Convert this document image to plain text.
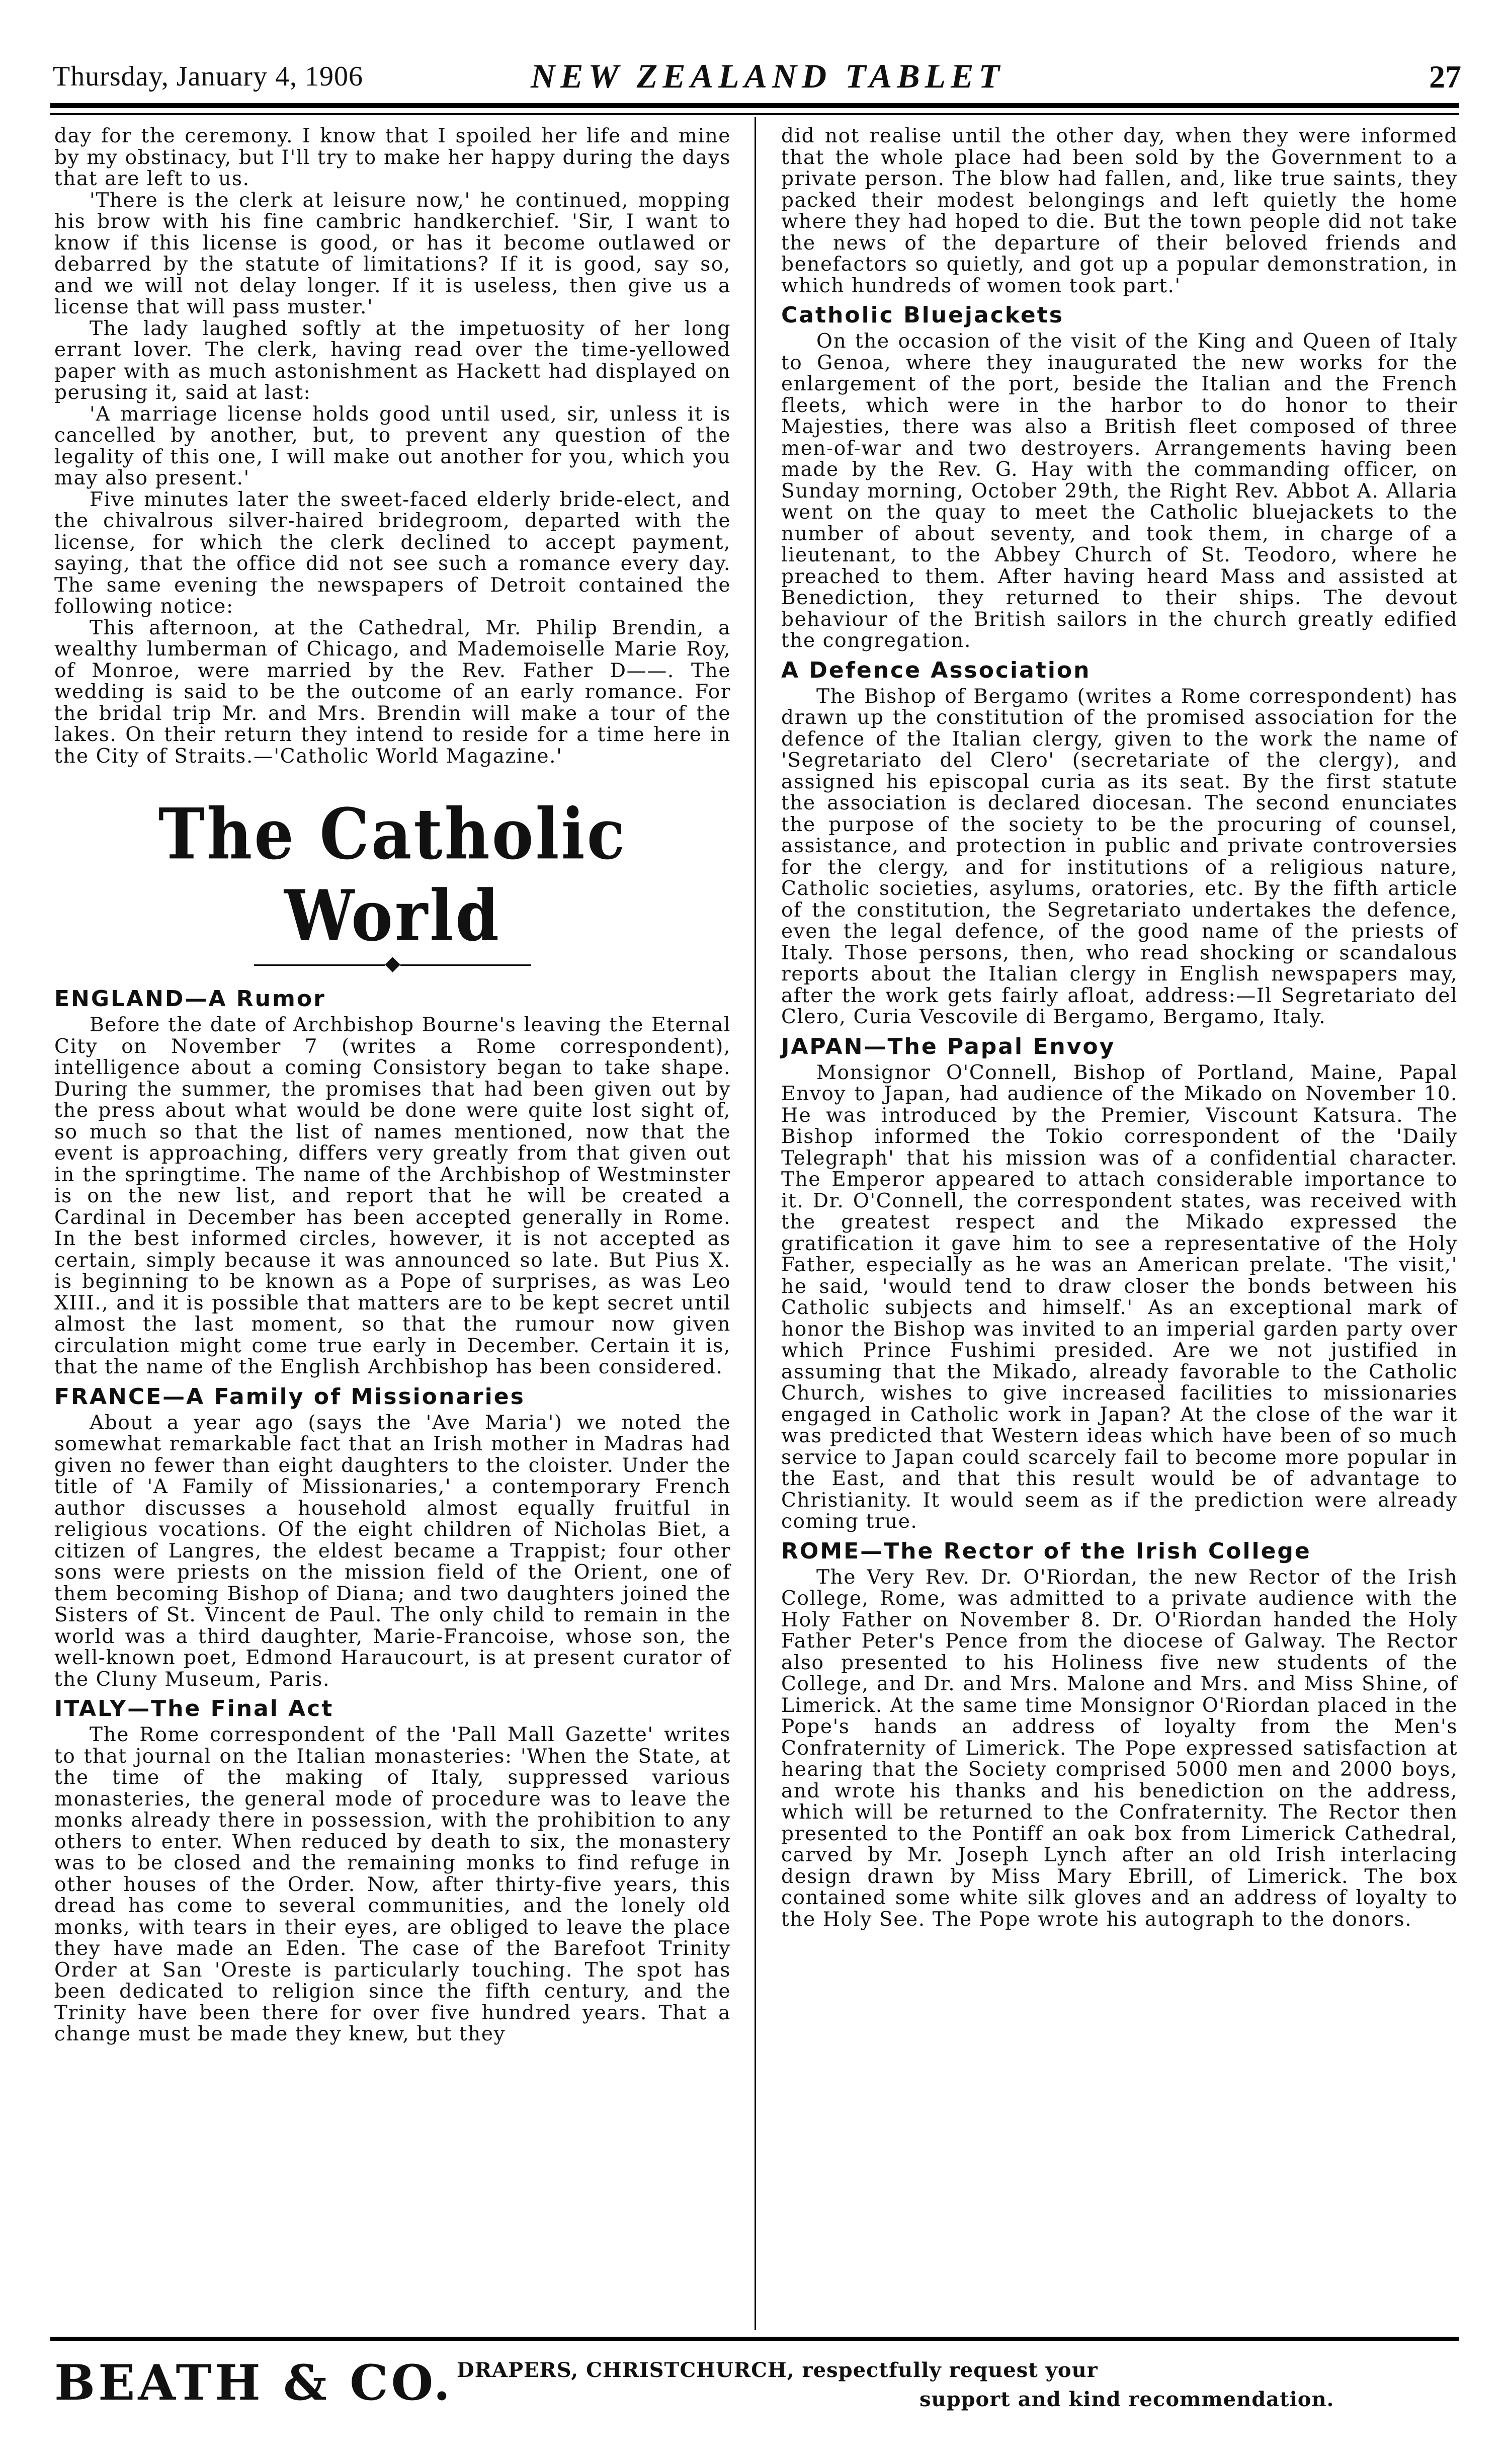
Thursday, January 4, 1906	NEW ZEALAND TABLET	27

day for the ceremony. I know that I spoiled her life and mine by my obstinacy, but I'll try to make her happy during the days that are left to us.

'There is the clerk at leisure now,' he continued, mopping his brow with his fine cambric handkerchief. 'Sir, I want to know if this license is good, or has it become outlawed or debarred by the statute of limitations? If it is good, say so, and we will not delay longer. If it is useless, then give us a license that will pass muster.'

The lady laughed softly at the impetuosity of her long errant lover. The clerk, having read over the time-yellowed paper with as much astonishment as Hackett had displayed on perusing it, said at last:

'A marriage license holds good until used, sir, unless it is cancelled by another, but, to prevent any question of the legality of this one, I will make out another for you, which you may also present.'

Five minutes later the sweet-faced elderly bride-elect, and the chivalrous silver-haired bridegroom, departed with the license, for which the clerk declined to accept payment, saying, that the office did not see such a romance every day. The same evening the newspapers of Detroit contained the following notice:

This afternoon, at the Cathedral, Mr. Philip Brendin, a wealthy lumberman of Chicago, and Mademoiselle Marie Roy, of Monroe, were married by the Rev. Father D——. The wedding is said to be the outcome of an early romance. For the bridal trip Mr. and Mrs. Brendin will make a tour of the lakes. On their return they intend to reside for a time here in the City of Straits.—'Catholic World Magazine.'

The Catholic World
◆
ENGLAND—A Rumor

Before the date of Archbishop Bourne's leaving the Eternal City on November 7 (writes a Rome correspondent), intelligence about a coming Consistory began to take shape. During the summer, the promises that had been given out by the press about what would be done were quite lost sight of, so much so that the list of names mentioned, now that the event is approaching, differs very greatly from that given out in the springtime. The name of the Archbishop of Westminster is on the new list, and report that he will be created a Cardinal in December has been accepted generally in Rome. In the best informed circles, however, it is not accepted as certain, simply because it was announced so late. But Pius X. is beginning to be known as a Pope of surprises, as was Leo XIII., and it is possible that matters are to be kept secret until almost the last moment, so that the rumour now given circulation might come true early in December. Certain it is, that the name of the English Archbishop has been considered.

FRANCE—A Family of Missionaries

About a year ago (says the 'Ave Maria') we noted the somewhat remarkable fact that an Irish mother in Madras had given no fewer than eight daughters to the cloister. Under the title of 'A Family of Missionaries,' a contemporary French author discusses a household almost equally fruitful in religious vocations. Of the eight children of Nicholas Biet, a citizen of Langres, the eldest became a Trappist; four other sons were priests on the mission field of the Orient, one of them becoming Bishop of Diana; and two daughters joined the Sisters of St. Vincent de Paul. The only child to remain in the world was a third daughter, Marie-Francoise, whose son, the well-known poet, Edmond Haraucourt, is at present curator of the Cluny Museum, Paris.

ITALY—The Final Act

The Rome correspondent of the 'Pall Mall Gazette' writes to that journal on the Italian monasteries: 'When the State, at the time of the making of Italy, suppressed various monasteries, the general mode of procedure was to leave the monks already there in possession, with the prohibition to any others to enter. When reduced by death to six, the monastery was to be closed and the remaining monks to find refuge in other houses of the Order. Now, after thirty-five years, this dread has come to several communities, and the lonely old monks, with tears in their eyes, are obliged to leave the place they have made an Eden. The case of the Barefoot Trinity Order at San 'Oreste is particularly touching. The spot has been dedicated to religion since the fifth century, and the Trinity have been there for over five hundred years. That a change must be made they knew, but they

did not realise until the other day, when they were informed that the whole place had been sold by the Government to a private person. The blow had fallen, and, like true saints, they packed their modest belongings and left quietly the home where they had hoped to die. But the town people did not take the news of the departure of their beloved friends and benefactors so quietly, and got up a popular demonstration, in which hundreds of women took part.'

Catholic Bluejackets

On the occasion of the visit of the King and Queen of Italy to Genoa, where they inaugurated the new works for the enlargement of the port, beside the Italian and the French fleets, which were in the harbor to do honor to their Majesties, there was also a British fleet composed of three men-of-war and two destroyers. Arrangements having been made by the Rev. G. Hay with the commanding officer, on Sunday morning, October 29th, the Right Rev. Abbot A. Allaria went on the quay to meet the Catholic bluejackets to the number of about seventy, and took them, in charge of a lieutenant, to the Abbey Church of St. Teodoro, where he preached to them. After having heard Mass and assisted at Benediction, they returned to their ships. The devout behaviour of the British sailors in the church greatly edified the congregation.

A Defence Association

The Bishop of Bergamo (writes a Rome correspondent) has drawn up the constitution of the promised association for the defence of the Italian clergy, given to the work the name of 'Segretariato del Clero' (secretariate of the clergy), and assigned his episcopal curia as its seat. By the first statute the association is declared diocesan. The second enunciates the purpose of the society to be the procuring of counsel, assistance, and protection in public and private controversies for the clergy, and for institutions of a religious nature, Catholic societies, asylums, oratories, etc. By the fifth article of the constitution, the Segretariato undertakes the defence, even the legal defence, of the good name of the priests of Italy. Those persons, then, who read shocking or scandalous reports about the Italian clergy in English newspapers may, after the work gets fairly afloat, address:—Il Segretariato del Clero, Curia Vescovile di Bergamo, Bergamo, Italy.

JAPAN—The Papal Envoy

Monsignor O'Connell, Bishop of Portland, Maine, Papal Envoy to Japan, had audience of the Mikado on November 10. He was introduced by the Premier, Viscount Katsura. The Bishop informed the Tokio correspondent of the 'Daily Telegraph' that his mission was of a confidential character. The Emperor appeared to attach considerable importance to it. Dr. O'Connell, the correspondent states, was received with the greatest respect and the Mikado expressed the gratification it gave him to see a representative of the Holy Father, especially as he was an American prelate. 'The visit,' he said, 'would tend to draw closer the bonds between his Catholic subjects and himself.' As an exceptional mark of honor the Bishop was invited to an imperial garden party over which Prince Fushimi presided. Are we not justified in assuming that the Mikado, already favorable to the Catholic Church, wishes to give increased facilities to missionaries engaged in Catholic work in Japan? At the close of the war it was predicted that Western ideas which have been of so much service to Japan could scarcely fail to become more popular in the East, and that this result would be of advantage to Christianity. It would seem as if the prediction were already coming true.

ROME—The Rector of the Irish College

The Very Rev. Dr. O'Riordan, the new Rector of the Irish College, Rome, was admitted to a private audience with the Holy Father on November 8. Dr. O'Riordan handed the Holy Father Peter's Pence from the diocese of Galway. The Rector also presented to his Holiness five new students of the College, and Dr. and Mrs. Malone and Mrs. and Miss Shine, of Limerick. At the same time Monsignor O'Riordan placed in the Pope's hands an address of loyalty from the Men's Confraternity of Limerick. The Pope expressed satisfaction at hearing that the Society comprised 5000 men and 2000 boys, and wrote his thanks and his benediction on the address, which will be returned to the Confraternity. The Rector then presented to the Pontiff an oak box from Limerick Cathedral, carved by Mr. Joseph Lynch after an old Irish interlacing design drawn by Miss Mary Ebrill, of Limerick. The box contained some white silk gloves and an address of loyalty to the Holy See. The Pope wrote his autograph to the donors.

BEATH & CO. DRAPERS, CHRISTCHURCH, respectfully request your
support and kind recommendation.
